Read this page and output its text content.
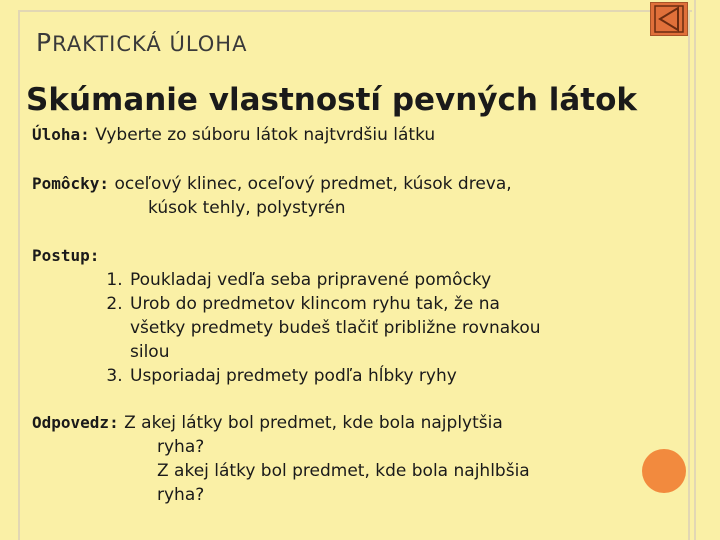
PRAKTICKÁ ÚLOHA
Skúmanie vlastností pevných látok
Úloha: Vyberte zo súboru látok najtvrdšiu látku
Pomôcky: oceľový klinec, oceľový predmet, kúsok dreva,
kúsok tehly, polystyrén
Postup:
1. Poukladaj vedľa seba pripravené pomôcky
2. Urob do predmetov klincom ryhu tak, že na
všetky predmety budeš tlačiť približne rovnakou
silou
3. Usporiadaj predmety podľa hĺbky ryhy
Odpovedz: Z akej látky bol predmet, kde bola najplytšia
ryha?
Z akej látky bol predmet, kde bola najhlbšia
ryha?
